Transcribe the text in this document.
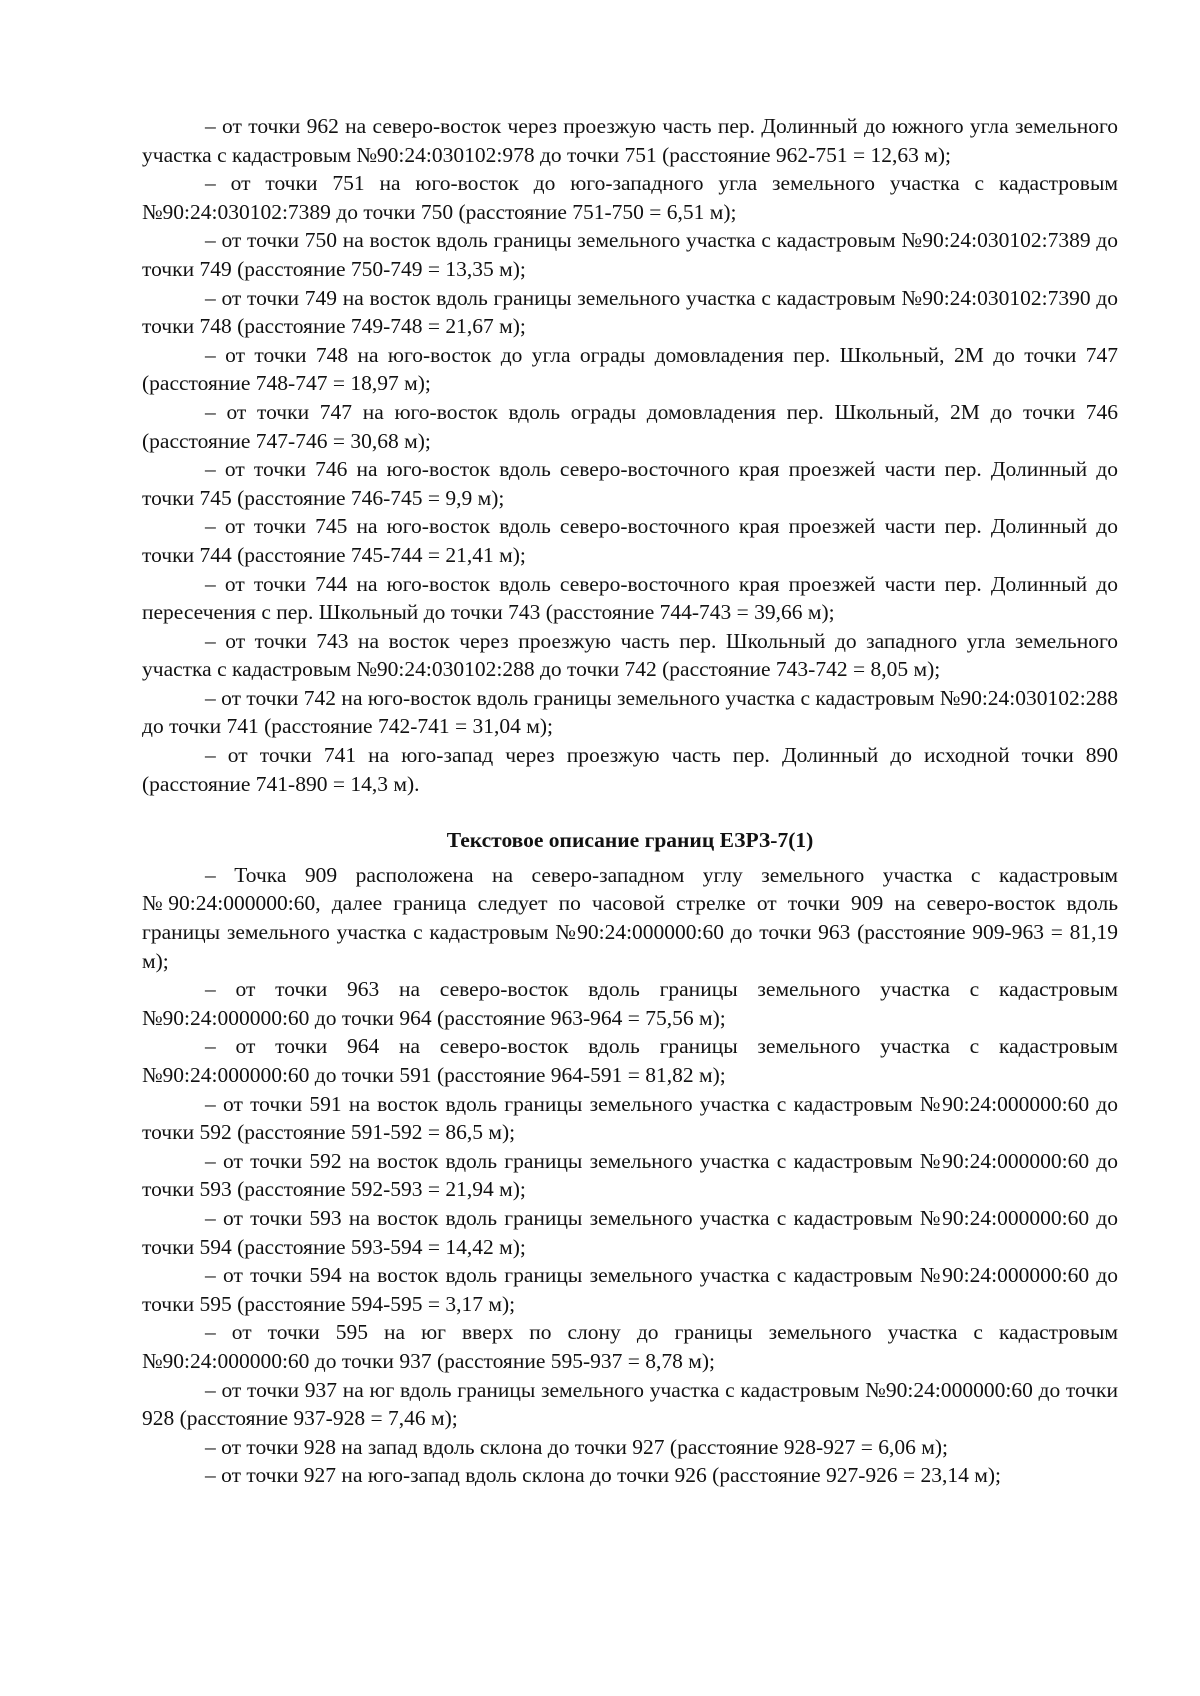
– от точки 962 на северо-восток через проезжую часть пер. Долинный до южного угла земельного участка с кадастровым №90:24:030102:978 до точки 751 (расстояние 962-751 = 12,63 м);

– от точки 751 на юго-восток до юго-западного угла земельного участка с кадастровым №90:24:030102:7389 до точки 750 (расстояние 751-750 = 6,51 м);

– от точки 750 на восток вдоль границы земельного участка с кадастровым №90:24:030102:7389 до точки 749 (расстояние 750-749 = 13,35 м);

– от точки 749 на восток вдоль границы земельного участка с кадастровым №90:24:030102:7390 до точки 748 (расстояние 749-748 = 21,67 м);

– от точки 748 на юго-восток до угла ограды домовладения пер. Школьный, 2М до точки 747 (расстояние 748-747 = 18,97 м);

– от точки 747 на юго-восток вдоль ограды домовладения пер. Школьный, 2М до точки 746 (расстояние 747-746 = 30,68 м);

– от точки 746 на юго-восток вдоль северо-восточного края проезжей части пер. Долинный до точки 745 (расстояние 746-745 = 9,9 м);

– от точки 745 на юго-восток вдоль северо-восточного края проезжей части пер. Долинный до точки 744 (расстояние 745-744 = 21,41 м);

– от точки 744 на юго-восток вдоль северо-восточного края проезжей части пер. Долинный до пересечения с пер. Школьный до точки 743 (расстояние 744-743 = 39,66 м);

– от точки 743 на восток через проезжую часть пер. Школьный до западного угла земельного участка с кадастровым №90:24:030102:288 до точки 742 (расстояние 743-742 = 8,05 м);

– от точки 742 на юго-восток вдоль границы земельного участка с кадастровым №90:24:030102:288 до точки 741 (расстояние 742-741 = 31,04 м);

– от точки 741 на юго-запад через проезжую часть пер. Долинный до исходной точки 890 (расстояние 741-890 = 14,3 м).

Текстовое описание границ ЕЗРЗ-7(1)

– Точка 909 расположена на северо-западном углу земельного участка с кадастровым №90:24:000000:60, далее граница следует по часовой стрелке от точки 909 на северо-восток вдоль границы земельного участка с кадастровым №90:24:000000:60 до точки 963 (расстояние 909-963 = 81,19 м);

– от точки 963 на северо-восток вдоль границы земельного участка с кадастровым №90:24:000000:60 до точки 964 (расстояние 963-964 = 75,56 м);

– от точки 964 на северо-восток вдоль границы земельного участка с кадастровым №90:24:000000:60 до точки 591 (расстояние 964-591 = 81,82 м);

– от точки 591 на восток вдоль границы земельного участка с кадастровым №90:24:000000:60 до точки 592 (расстояние 591-592 = 86,5 м);

– от точки 592 на восток вдоль границы земельного участка с кадастровым №90:24:000000:60 до точки 593 (расстояние 592-593 = 21,94 м);

– от точки 593 на восток вдоль границы земельного участка с кадастровым №90:24:000000:60 до точки 594 (расстояние 593-594 = 14,42 м);

– от точки 594 на восток вдоль границы земельного участка с кадастровым №90:24:000000:60 до точки 595 (расстояние 594-595 = 3,17 м);

– от точки 595 на юг вверх по слону до границы земельного участка с кадастровым №90:24:000000:60 до точки 937 (расстояние 595-937 = 8,78 м);

– от точки 937 на юг вдоль границы земельного участка с кадастровым №90:24:000000:60 до точки 928 (расстояние 937-928 = 7,46 м);

– от точки 928 на запад вдоль склона до точки 927 (расстояние 928-927 = 6,06 м);

– от точки 927 на юго-запад вдоль склона до точки 926 (расстояние 927-926 = 23,14 м);
